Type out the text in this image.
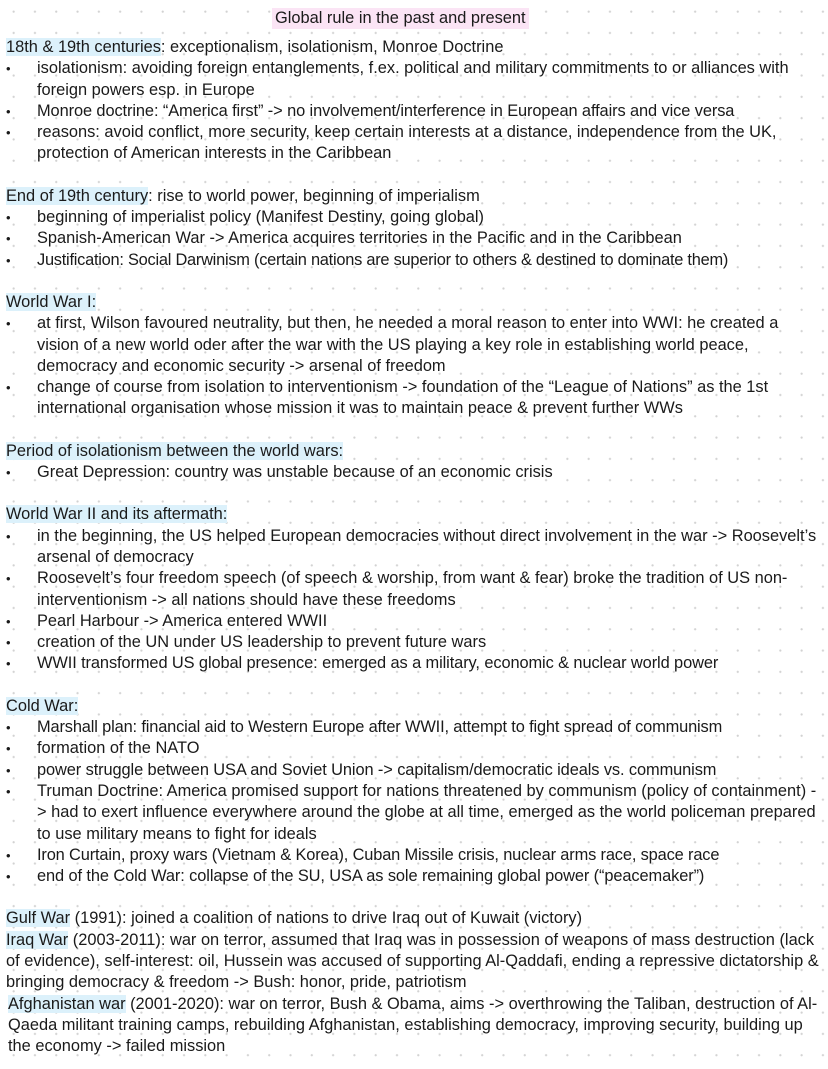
Global rule in the past and present
18th & 19th centuries: exceptionalism, isolationism, Monroe Doctrine
• isolationism: avoiding foreign entanglements, f.ex. political and military commitments to or alliances with foreign powers esp. in Europe
• Monroe doctrine: “America first” -> no involvement/interference in European affairs and vice versa
• reasons: avoid conflict, more security, keep certain interests at a distance, independence from the UK, protection of American interests in the Caribbean
End of 19th century: rise to world power, beginning of imperialism
• beginning of imperialist policy (Manifest Destiny, going global)
• Spanish-American War -> America acquires territories in the Pacific and in the Caribbean
• Justification: Social Darwinism (certain nations are superior to others & destined to dominate them)
World War I:
• at first, Wilson favoured neutrality, but then, he needed a moral reason to enter into WWI: he created a vision of a new world oder after the war with the US playing a key role in establishing world peace, democracy and economic security -> arsenal of freedom
• change of course from isolation to interventionism -> foundation of the “League of Nations” as the 1st international organisation whose mission it was to maintain peace & prevent further WWs
Period of isolationism between the world wars:
• Great Depression: country was unstable because of an economic crisis
World War II and its aftermath:
• in the beginning, the US helped European democracies without direct involvement in the war -> Roosevelt’s arsenal of democracy
• Roosevelt’s four freedom speech (of speech & worship, from want & fear) broke the tradition of US non-interventionism -> all nations should have these freedoms
• Pearl Harbour -> America entered WWII
• creation of the UN under US leadership to prevent future wars
• WWII transformed US global presence: emerged as a military, economic & nuclear world power
Cold War:
• Marshall plan: financial aid to Western Europe after WWII, attempt to fight spread of communism
• formation of the NATO
• power struggle between USA and Soviet Union -> capitalism/democratic ideals vs. communism
• Truman Doctrine: America promised support for nations threatened by communism (policy of containment) -> had to exert influence everywhere around the globe at all time, emerged as the world policeman prepared to use military means to fight for ideals
• Iron Curtain, proxy wars (Vietnam & Korea), Cuban Missile crisis, nuclear arms race, space race
• end of the Cold War: collapse of the SU, USA as sole remaining global power (“peacemaker”)

Gulf War (1991): joined a coalition of nations to drive Iraq out of Kuwait (victory)

Iraq War (2003-2011): war on terror, assumed that Iraq was in possession of weapons of mass destruction (lack of evidence), self-interest: oil, Hussein was accused of supporting Al-Qaddafi, ending a repressive dictatorship & bringing democracy & freedom -> Bush: honor, pride, patriotism

Afghanistan war (2001-2020): war on terror, Bush & Obama, aims -> overthrowing the Taliban, destruction of Al-Qaeda militant training camps, rebuilding Afghanistan, establishing democracy, improving security, building up the economy -> failed mission
